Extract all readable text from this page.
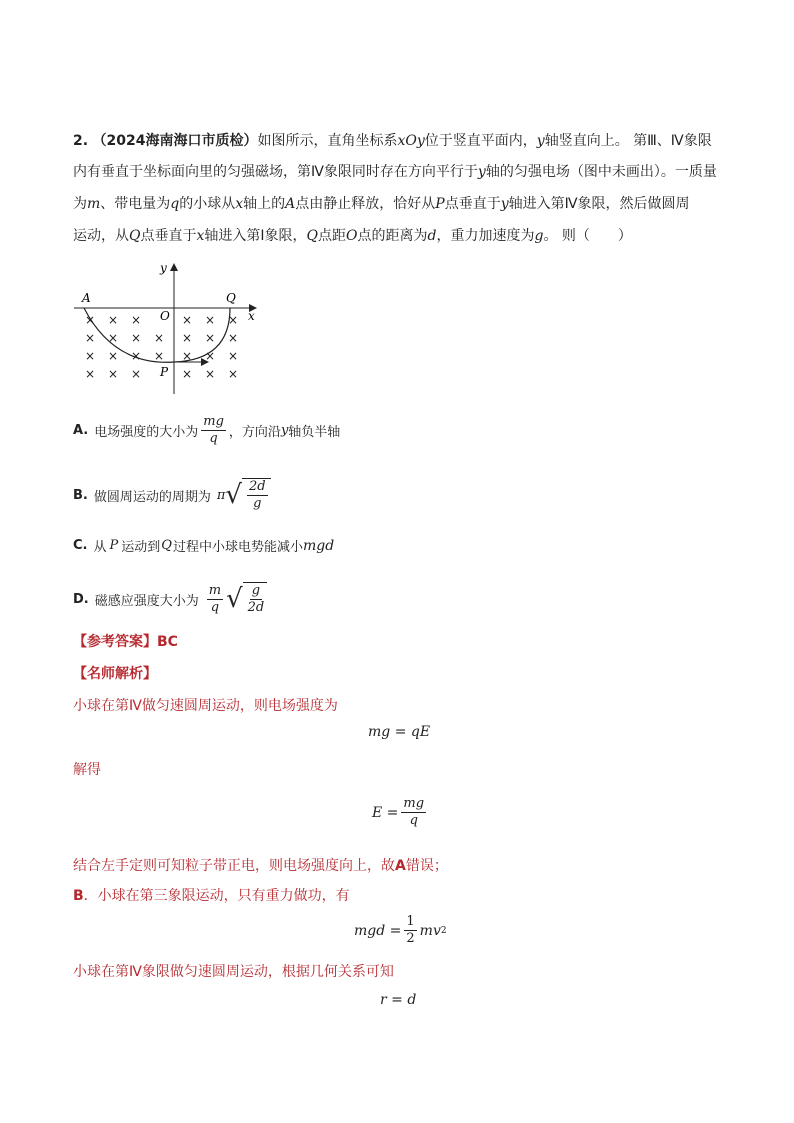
2. （2024海南海口市质检）如图所示，直角坐标系xOy位于竖直平面内，y轴竖直向上。 第Ⅲ、Ⅳ象限
内有垂直于坐标面向里的匀强磁场，第Ⅳ象限同时存在方向平行于y轴的匀强电场（图中未画出）。一质量
为m、带电量为q的小球从x轴上的A点由静止释放，恰好从P点垂直于y轴进入第Ⅳ象限，然后做圆周
运动，从Q点垂直于x轴进入第Ⅰ象限，Q点距O点的距离为d，重力加速度为g。 则（　　）
y
x
A	Q
O
P
× × ×	× × ×
× × × × × × ×
× × × × × × ×
× × ×	× × ×
A. 电场强度的大小为 $\frac{mg}{q}$ ，方向沿 y 轴负半轴
B. 做圆周运动的周期为 π √ $\frac{2d}{g}$
C. 从 P 运动到 Q 过程中小球电势能减小 mgd
D. 磁感应强度大小为 $\frac{m}{q}$ √ $\frac{g}{2d}$
【参考答案】BC
【名师解析】
小球在第Ⅳ做匀速圆周运动，则电场强度为
mg = qE
解得
$E = \frac{mg}{q}$
结合左手定则可知粒子带正电，则电场强度向上，故A错误；
B．小球在第三象限运动，只有重力做功，有
mgd = $\frac{1}{2}$ mv 2
小球在第Ⅳ象限做匀速圆周运动，根据几何关系可知
r = d
